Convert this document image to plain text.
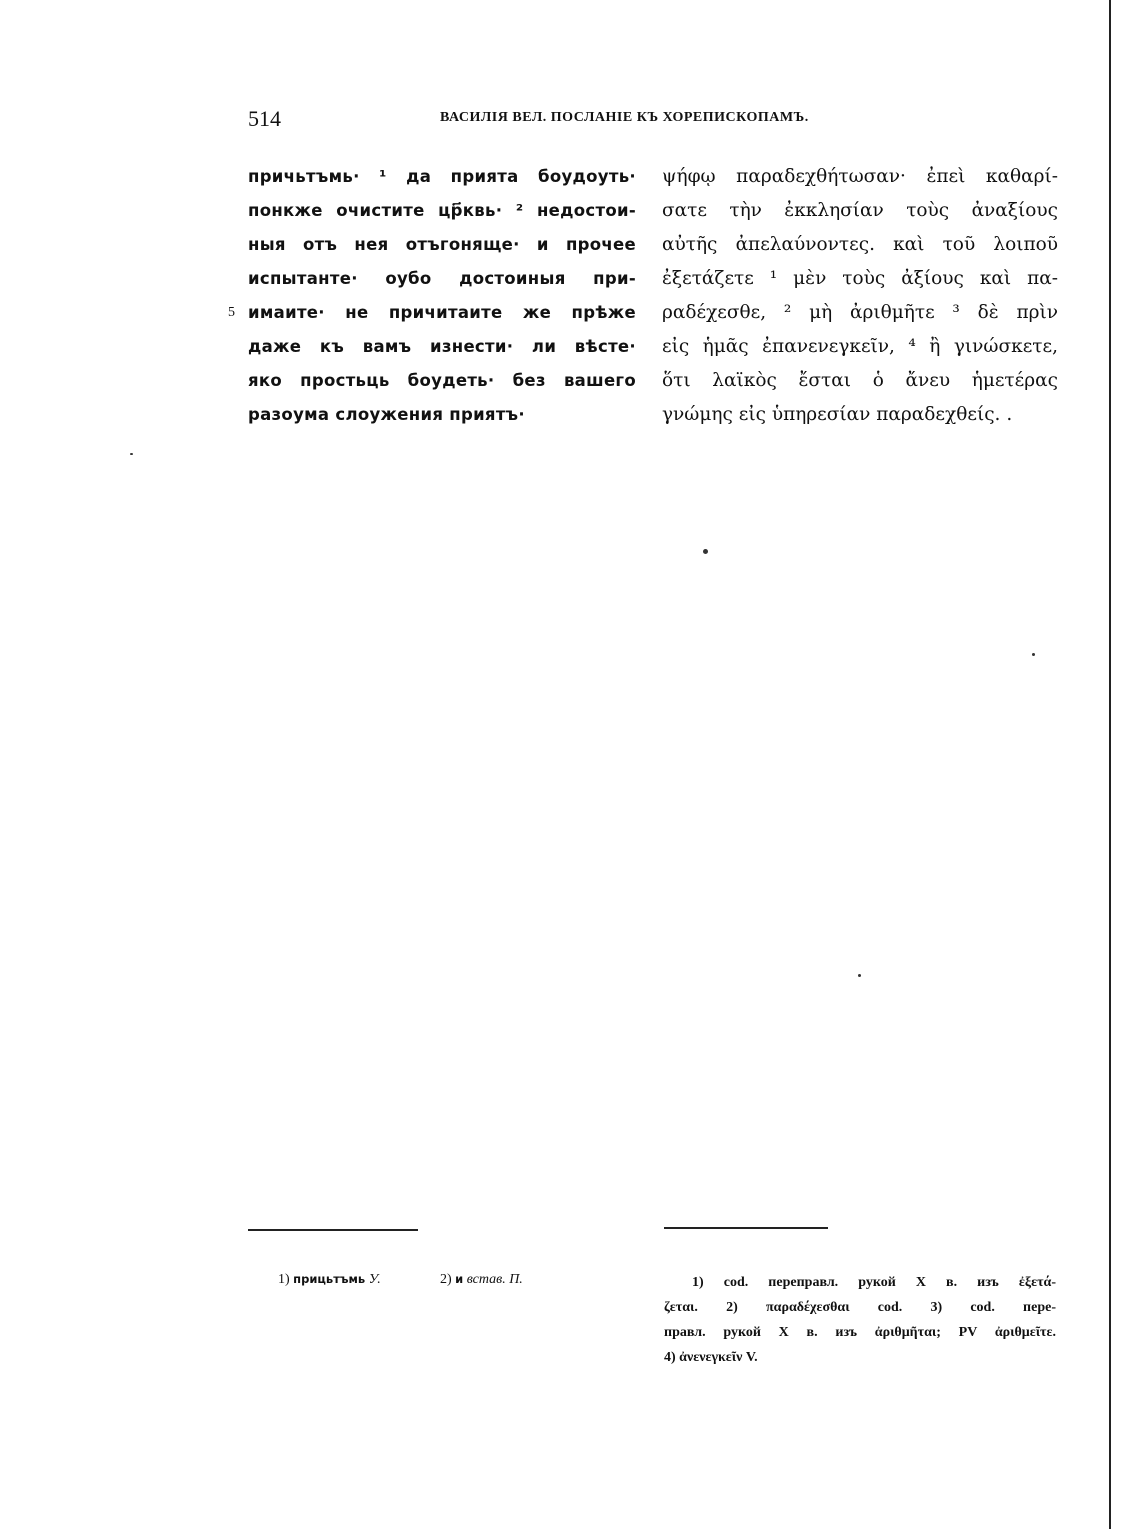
514	ВАСИЛІЯ ВЕЛ. ПОСЛАНІЕ КЪ ХОРЕПИСКОПАМЪ.
5
причьтъмь· ¹ да прията боудоуть·
понкже очистите цр҃квь· ² недостои-
ныя отъ нея отъгоняще· и прочее
испытанте· оубо достоиныя при-
имаите· не причитаите же прѣже
даже къ вамъ изнести· ли вѣсте·
яко простьць боудеть· без вашего
разоума слоужения приятъ·
ψήφῳ παραδεχθήτωσαν· ἐπεὶ καθαρί-
σατε τὴν ἐκκλησίαν τοὺς ἀναξίους
αὐτῆς ἀπελαύνοντες. καὶ τοῦ λοιποῦ
ἐξετάζετε ¹ μὲν τοὺς ἀξίους καὶ πα-
ραδέχεσθε, ² μὴ ἀριθμῆτε ³ δὲ πρὶν
εἰς ἡμᾶς ἐπανενεγκεῖν, ⁴ ἢ γινώσκετε,
ὅτι λαϊκὸς ἔσται ὁ ἄνευ ἡμετέρας
γνώμης εἰς ὑπηρεσίαν παραδεχθείς. .
1) прицьтъмь У.	2) и встав. П.	1) cod. переправл. рукой X в. изъ ἐξετά-
ζεται. 2) παραδέχεσθαι cod. 3) cod. пере-
правл. рукой X в. изъ ἀριθμῆται; PV ἀριθμεῖτε.
4) ἀνενεγκεῖν V.
